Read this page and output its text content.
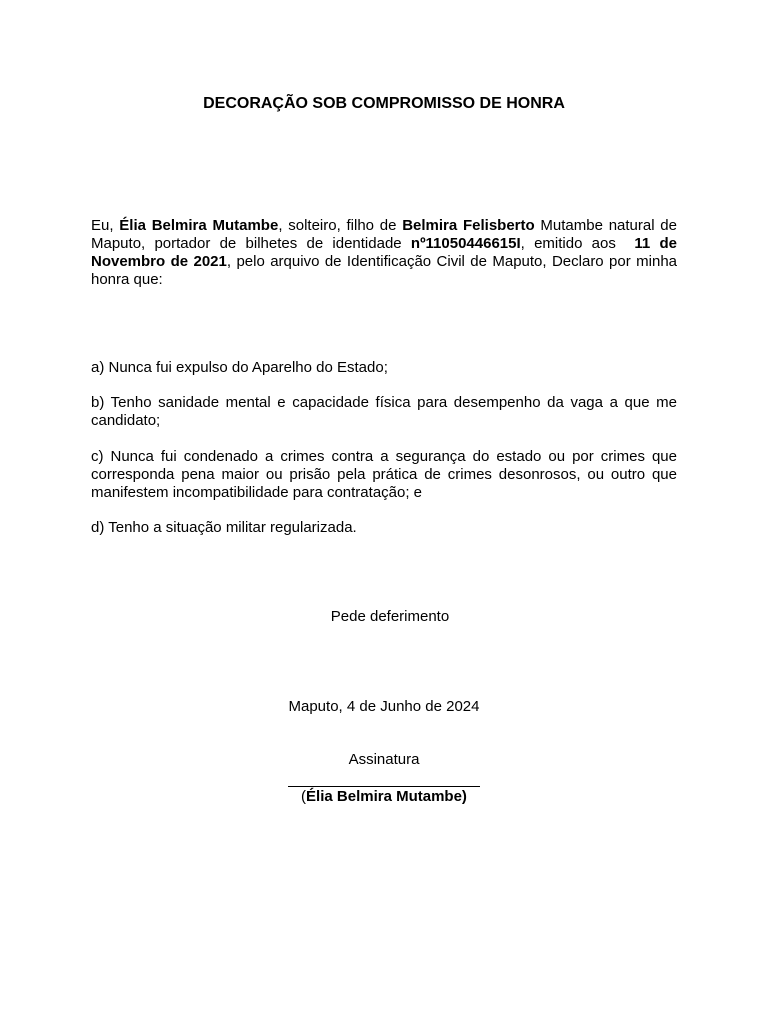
DECORAÇÃO SOB COMPROMISSO DE HONRA

Eu, Élia Belmira Mutambe, solteiro, filho de Belmira Felisberto Mutambe natural de Maputo, portador de bilhetes de identidade nº11050446615I, emitido aos  11 de Novembro de 2021, pelo arquivo de Identificação Civil de Maputo, Declaro por minha honra que:

a) Nunca fui expulso do Aparelho do Estado;

b) Tenho sanidade mental e capacidade física para desempenho da vaga a que me candidato;

c) Nunca fui condenado a crimes contra a segurança do estado ou por crimes que corresponda pena maior ou prisão pela prática de crimes desonrosos, ou outro que manifestem incompatibilidade para contratação; e

d) Tenho a situação militar regularizada.

Pede deferimento
Maputo, 4 de Junho de 2024
Assinatura
(Élia Belmira Mutambe)
